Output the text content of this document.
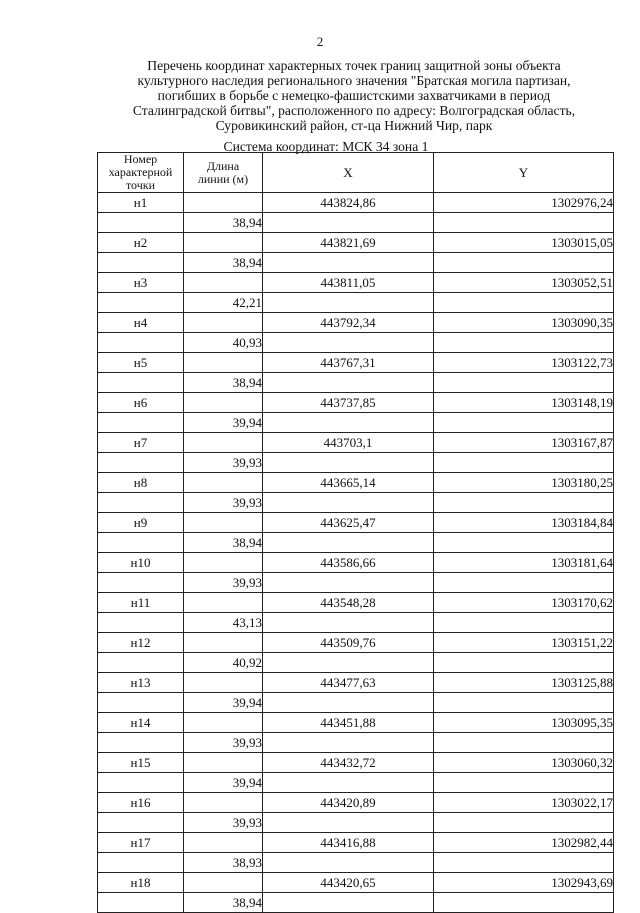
2
Перечень координат характерных точек границ защитной зоны объекта
культурного наследия регионального значения "Братская могила партизан,
погибших в борьбе с немецко-фашистскими захватчиками в период
Сталинградской битвы", расположенного по адресу: Волгоградская область,
Суровикинский район, ст-ца Нижний Чир, парк
Система координат: МСК 34 зона 1
Номер характерной точки	Длина линии (м)	X	Y
н1		443824,86	1302976,24
	38,94		
н2		443821,69	1303015,05
	38,94		
н3		443811,05	1303052,51
	42,21		
н4		443792,34	1303090,35
	40,93		
н5		443767,31	1303122,73
	38,94		
н6		443737,85	1303148,19
	39,94		
н7		443703,1	1303167,87
	39,93		
н8		443665,14	1303180,25
	39,93		
н9		443625,47	1303184,84
	38,94		
н10		443586,66	1303181,64
	39,93		
н11		443548,28	1303170,62
	43,13		
н12		443509,76	1303151,22
	40,92		
н13		443477,63	1303125,88
	39,94		
н14		443451,88	1303095,35
	39,93		
н15		443432,72	1303060,32
	39,94		
н16		443420,89	1303022,17
	39,93		
н17		443416,88	1302982,44
	38,93		
н18		443420,65	1302943,69
	38,94		
